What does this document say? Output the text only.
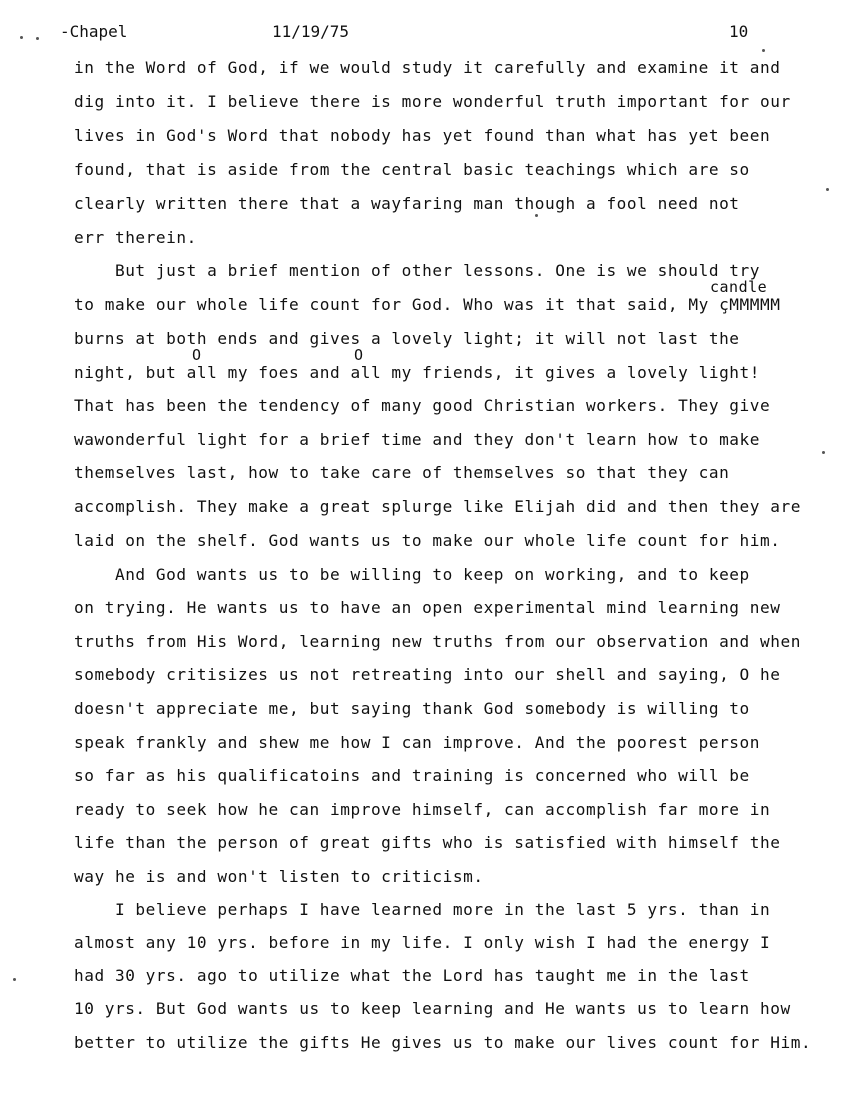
-Chapel	11/19/75	10
in the Word of God, if we would study it carefully and examine it and
dig into it. I believe there is more wonderful truth important for our
lives in God's Word that nobody has yet found than what has yet been
found, that is aside from the central basic teachings which are so
clearly written there that a wayfaring man though a fool need not
err therein.
But just a brief mention of other lessons. One is we should try
to make our whole life count for God. Who was it that said, My çMMMMM
burns at both ends and gives a lovely light; it will not last the
night, but all my foes and all my friends, it gives a lovely light!
That has been the tendency of many good Christian workers. They give
wawonderful light for a brief time and they don't learn how to make
themselves last, how to take care of themselves so that they can
accomplish. They make a great splurge like Elijah did and then they are
laid on the shelf. God wants us to make our whole life count for him.
And God wants us to be willing to keep on working, and to keep
on trying. He wants us to have an open experimental mind learning new
truths from His Word, learning new truths from our observation and when
somebody critisizes us not retreating into our shell and saying, O he
doesn't appreciate me, but saying thank God somebody is willing to
speak frankly and shew me how I can improve. And the poorest person
so far as his qualificatoins and training is concerned who will be
ready to seek how he can improve himself, can accomplish far more in
life than the person of great gifts who is satisfied with himself the
way he is and won't listen to criticism.
I believe perhaps I have learned more in the last 5 yrs. than in
almost any 10 yrs. before in my life. I only wish I had the energy I
had 30 yrs. ago to utilize what the Lord has taught me in the last
10 yrs. But God wants us to keep learning and He wants us to learn how
better to utilize the gifts He gives us to make our lives count for Him.
candle
O	O
